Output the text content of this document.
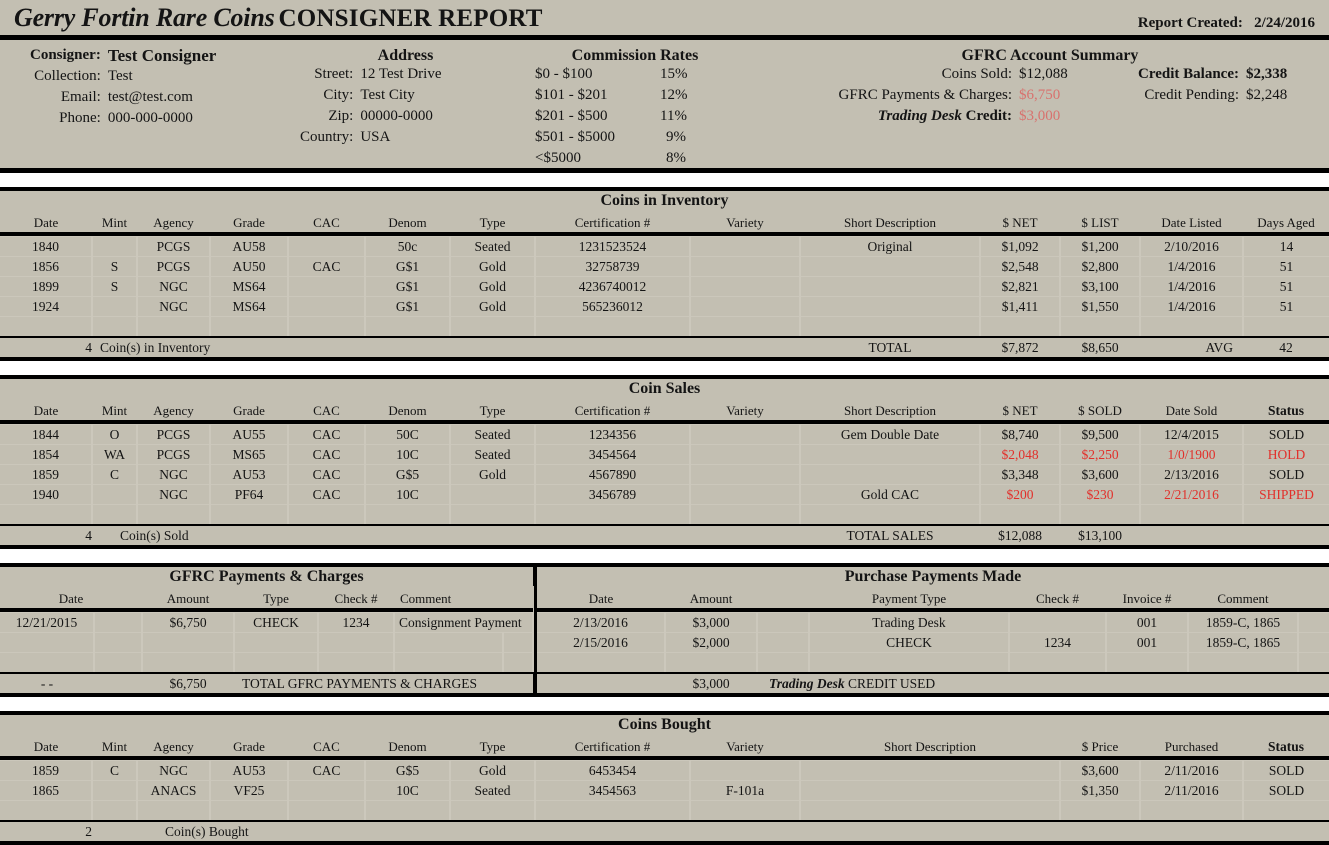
Gerry Fortin Rare Coins CONSIGNER REPORT	Report Created: 2/24/2016
Consigner:	Test Consigner
Collection:	Test
Email:	test@test.com
Phone:	000-000-0000
Address
Street:	12 Test Drive
City:	Test City
Zip:	00000-0000
Country:	USA
Commission Rates
$0 - $100	15%
$101 - $201	12%
$201 - $500	11%
$501 - $5000	9%
<$5000	8%
GFRC Account Summary
Coins Sold:	$12,088	Credit Balance:	$2,338
GFRC Payments & Charges:	$6,750	Credit Pending:	$2,248
Trading Desk Credit:	$3,000		
Coins in Inventory
Date	Mint	Agency	Grade	CAC	Denom	Type	Certification #	Variety	Short Description	$ NET	$ LIST	Date Listed	Days Aged

1840		PCGS	AU58		50c	Seated	1231523524		Original	$1,092	$1,200	2/10/2016	14
1856	S	PCGS	AU50	CAC	G$1	Gold	32758739			$2,548	$2,800	1/4/2016	51
1899	S	NGC	MS64		G$1	Gold	4236740012			$2,821	$3,100	1/4/2016	51
1924		NGC	MS64		G$1	Gold	565236012			$1,411	$1,550	1/4/2016	51

4	Coin(s) in Inventory		TOTAL	$7,872	$8,650	AVG	42
Coin Sales
Date	Mint	Agency	Grade	CAC	Denom	Type	Certification #	Variety	Short Description	$ NET	$ SOLD	Date Sold	Status

1844	O	PCGS	AU55	CAC	50C	Seated	1234356		Gem Double Date	$8,740	$9,500	12/4/2015	SOLD
1854	WA	PCGS	MS65	CAC	10C	Seated	3454564			$2,048	$2,250	1/0/1900	HOLD
1859	C	NGC	AU53	CAC	G$5	Gold	4567890			$3,348	$3,600	2/13/2016	SOLD
1940		NGC	PF64	CAC	10C		3456789		Gold CAC	$200	$230	2/21/2016	SHIPPED

4	Coin(s) Sold		TOTAL SALES	$12,088	$13,100		
GFRC Payments & Charges
Date		Amount	Type	Check #	Comment	

12/21/2015		$6,750	CHECK	1234	Consignment Payment	

- -		$6,750	TOTAL GFRC PAYMENTS & CHARGES
Purchase Payments Made
Date	Amount		Payment Type	Check #	Invoice #	Comment	

2/13/2016	$3,000		Trading Desk		001	1859-C, 1865	
2/15/2016	$2,000		CHECK	1234	001	1859-C, 1865	

	$3,000	Trading Desk CREDIT USED
Coins Bought
Date	Mint	Agency	Grade	CAC	Denom	Type	Certification #	Variety	Short Description	$ Price	Purchased	Status

1859	C	NGC	AU53	CAC	G$5	Gold	6453454			$3,600	2/11/2016	SOLD
1865		ANACS	VF25		10C	Seated	3454563	F-101a		$1,350	2/11/2016	SOLD

2		Coin(s) Bought
